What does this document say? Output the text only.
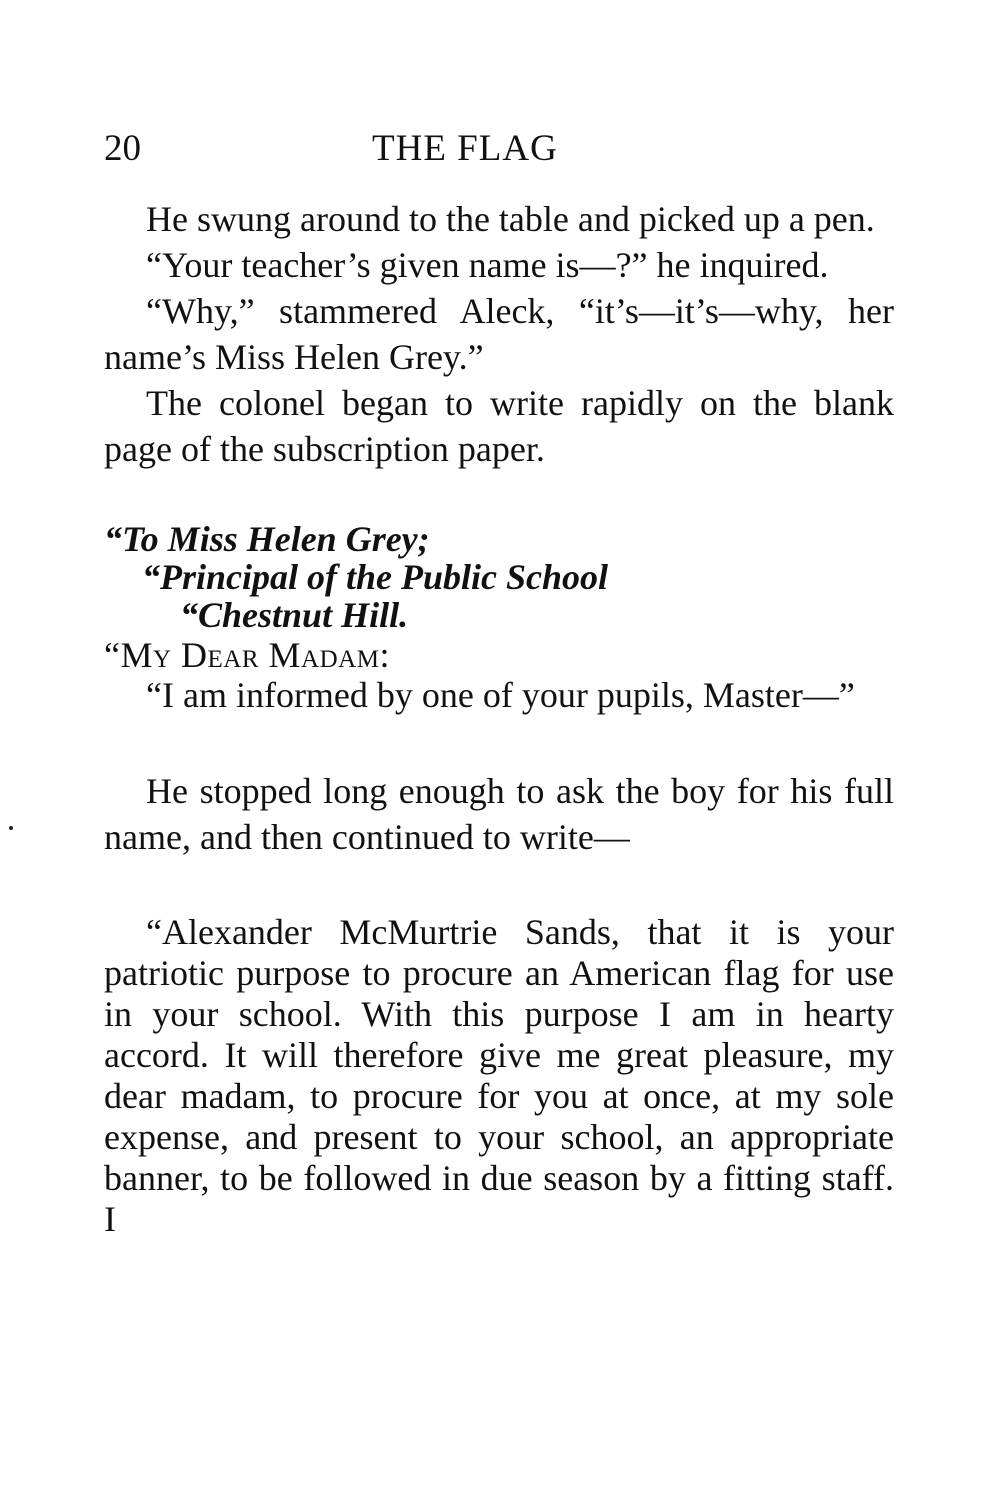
20	THE FLAG

He swung around to the table and picked up a pen.

“Your teacher’s given name is—?” he inquired.

“Why,” stammered Aleck, “it’s—it’s—why, her name’s Miss Helen Grey.”

The colonel began to write rapidly on the blank page of the subscription paper.

“To Miss Helen Grey;

“Principal of the Public School

“Chestnut Hill.

“My Dear Madam:

“I am informed by one of your pupils, Master—”

He stopped long enough to ask the boy for his full name, and then continued to write—

“Alexander McMurtrie Sands, that it is your patriotic purpose to procure an American flag for use in your school. With this purpose I am in hearty accord. It will therefore give me great pleasure, my dear madam, to procure for you at once, at my sole expense, and present to your school, an appropriate banner, to be followed in due season by a fitting staff. I
